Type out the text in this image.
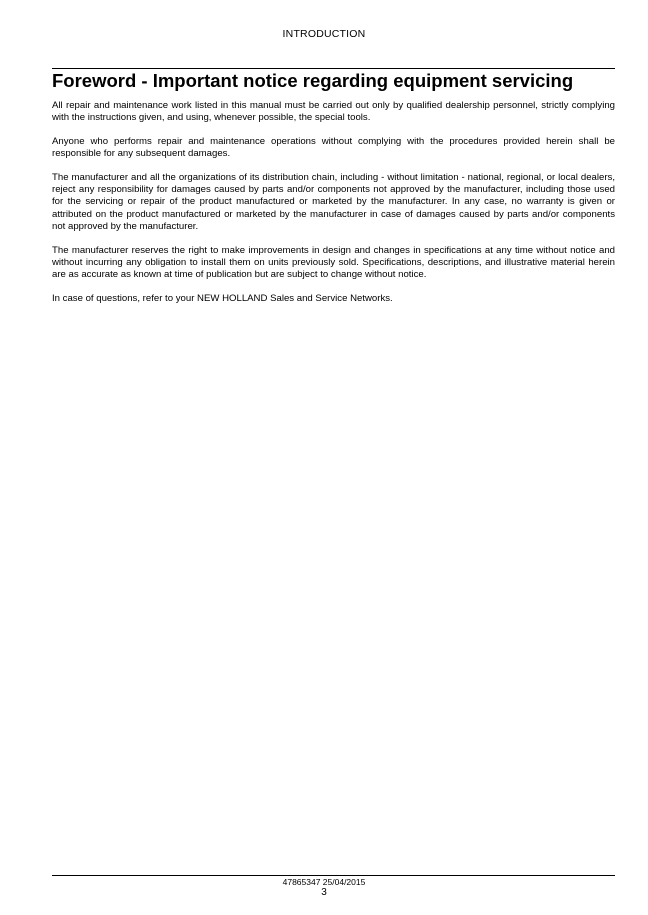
INTRODUCTION
Foreword - Important notice regarding equipment servicing

All repair and maintenance work listed in this manual must be carried out only by qualified dealership personnel, strictly complying with the instructions given, and using, whenever possible, the special tools.

Anyone who performs repair and maintenance operations without complying with the procedures provided herein shall be responsible for any subsequent damages.

The manufacturer and all the organizations of its distribution chain, including - without limitation - national, regional, or local dealers, reject any responsibility for damages caused by parts and/or components not approved by the manufacturer, including those used for the servicing or repair of the product manufactured or marketed by the manufacturer. In any case, no warranty is given or attributed on the product manufactured or marketed by the manufacturer in case of damages caused by parts and/or components not approved by the manufacturer.

The manufacturer reserves the right to make improvements in design and changes in specifications at any time without notice and without incurring any obligation to install them on units previously sold. Specifications, descriptions, and illustrative material herein are as accurate as known at time of publication but are subject to change without notice.

In case of questions, refer to your NEW HOLLAND Sales and Service Networks.

47865347 25/04/2015
3
